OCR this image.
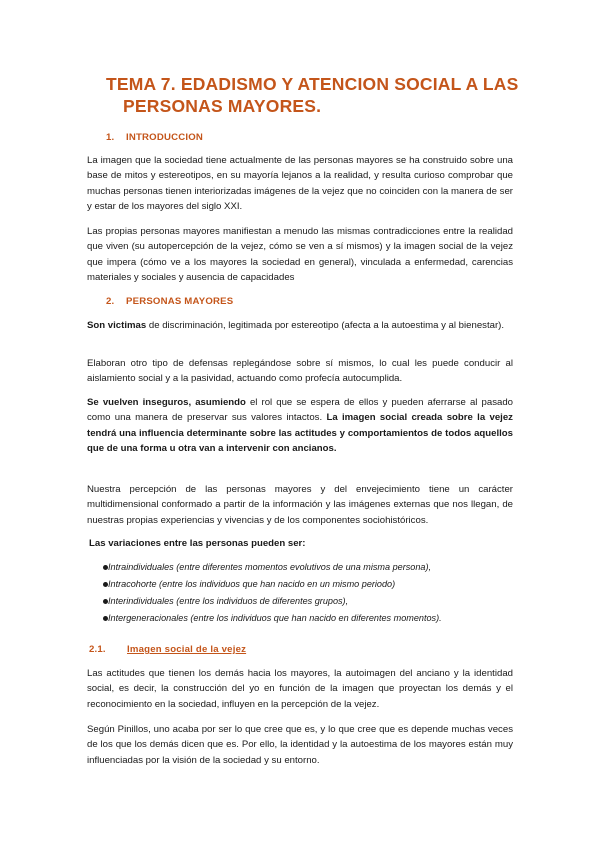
TEMA 7. EDADISMO Y ATENCION SOCIAL A LAS
PERSONAS MAYORES.
1. INTRODUCCION
La imagen que la sociedad tiene actualmente de las personas mayores se ha construido sobre una base de mitos y estereotipos, en su mayoría lejanos a la realidad, y resulta curioso comprobar que muchas personas tienen interiorizadas imágenes de la vejez que no coinciden con la manera de ser y estar de los mayores del siglo XXI.
Las propias personas mayores manifiestan a menudo las mismas contradicciones entre la realidad que viven (su autopercepción de la vejez, cómo se ven a sí mismos) y la imagen social de la vejez que impera (cómo ve a los mayores la sociedad en general), vinculada a enfermedad, carencias materiales y sociales y ausencia de capacidades
2. PERSONAS MAYORES
Son victimas de discriminación, legitimada por estereotipo (afecta a la autoestima y al bienestar).
Elaboran otro tipo de defensas replegándose sobre sí mismos, lo cual les puede conducir al aislamiento social y a la pasividad, actuando como profecía autocumplida.
Se vuelven inseguros, asumiendo el rol que se espera de ellos y pueden aferrarse al pasado como una manera de preservar sus valores intactos. La imagen social creada sobre la vejez tendrá una influencia determinante sobre las actitudes y comportamientos de todos aquellos que de una forma u otra van a intervenir con ancianos.
Nuestra percepción de las personas mayores y del envejecimiento tiene un carácter multidimensional conformado a partir de la información y las imágenes externas que nos llegan, de nuestras propias experiencias y vivencias y de los componentes sociohistóricos.
Las variaciones entre las personas pueden ser:
Intraindividuales (entre diferentes momentos evolutivos de una misma persona),
Intracohorte (entre los individuos que han nacido en un mismo periodo)
Interindividuales (entre los individuos de diferentes grupos),
Intergeneracionales (entre los individuos que han nacido en diferentes momentos).
2.1. Imagen social de la vejez
Las actitudes que tienen los demás hacia los mayores, la autoimagen del anciano y la identidad social, es decir, la construcción del yo en función de la imagen que proyectan los demás y el reconocimiento en la sociedad, influyen en la percepción de la vejez.
Según Pinillos, uno acaba por ser lo que cree que es, y lo que cree que es depende muchas veces de los que los demás dicen que es. Por ello, la identidad y la autoestima de los mayores están muy influenciadas por la visión de la sociedad y su entorno.
